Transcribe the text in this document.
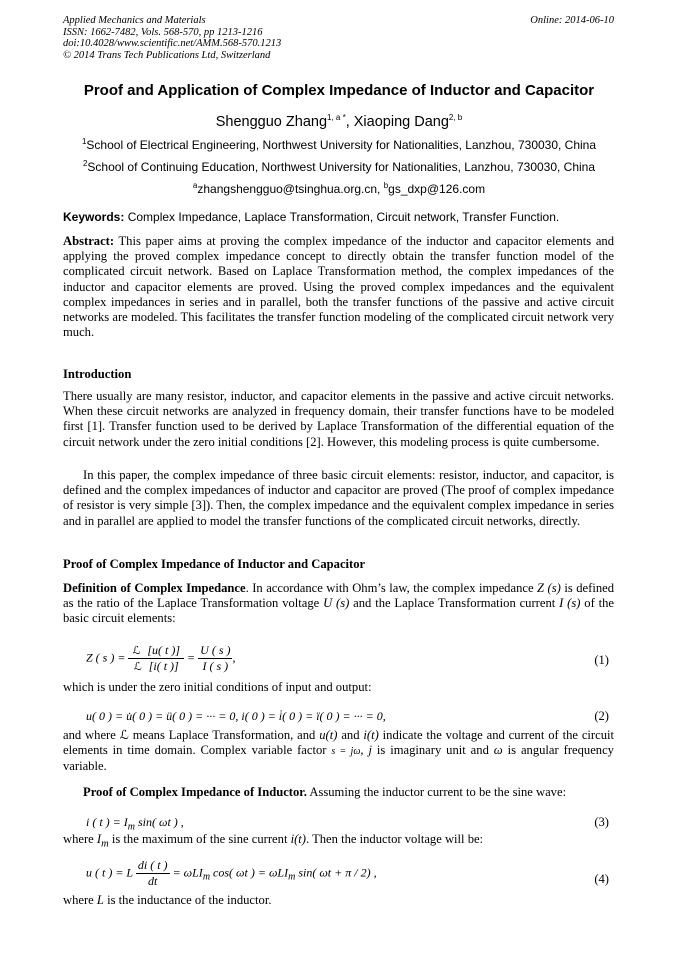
Applied Mechanics and Materials
ISSN: 1662-7482, Vols. 568-570, pp 1213-1216
doi:10.4028/www.scientific.net/AMM.568-570.1213
© 2014 Trans Tech Publications Ltd, Switzerland
Online: 2014-06-10
Proof and Application of Complex Impedance of Inductor and Capacitor
Shengguo Zhang$^{1, a *}$, Xiaoping Dang$^{2, b}$
$^1$School of Electrical Engineering, Northwest University for Nationalities, Lanzhou, 730030, China
$^2$School of Continuing Education, Northwest University for Nationalities, Lanzhou, 730030, China
$^a$zhangshengguo@tsinghua.org.cn, $^b$gs_dxp@126.com
Keywords: Complex Impedance, Laplace Transformation, Circuit network, Transfer Function.
Abstract: This paper aims at proving the complex impedance of the inductor and capacitor elements and applying the proved complex impedance concept to directly obtain the transfer function model of the complicated circuit network. Based on Laplace Transformation method, the complex impedances of the inductor and capacitor elements are proved. Using the proved complex impedances and the equivalent complex impedances in series and in parallel, both the transfer functions of the passive and active circuit networks are modeled. This facilitates the transfer function modeling of the complicated circuit network very much.
Introduction
There usually are many resistor, inductor, and capacitor elements in the passive and active circuit networks. When these circuit networks are analyzed in frequency domain, their transfer functions have to be modeled first [1]. Transfer function used to be derived by Laplace Transformation of the differential equation of the circuit network under the zero initial conditions [2]. However, this modeling process is quite cumbersome.
In this paper, the complex impedance of three basic circuit elements: resistor, inductor, and capacitor, is defined and the complex impedances of inductor and capacitor are proved (The proof of complex impedance of resistor is very simple [3]). Then, the complex impedance and the equivalent complex impedance in series and in parallel are applied to model the transfer functions of the complicated circuit networks, directly.
Proof of Complex Impedance of Inductor and Capacitor
Definition of Complex Impedance. In accordance with Ohm’s law, the complex impedance Z (s) is defined as the ratio of the Laplace Transformation voltage U (s) and the Laplace Transformation current I (s) of the basic circuit elements:
Z ( s ) = $\frac{\text{ℒ [u( t )]}}{\text{ℒ [i( t )]}} = \frac{U ( s )}{I ( s )}$ ,	(1)
which is under the zero initial conditions of input and output:
u( 0 ) = u̇( 0 ) = ü( 0 ) = ··· = 0, i( 0 ) = i̇( 0 ) = ï( 0 ) = ··· = 0,	(2)
and where ℒ means Laplace Transformation, and u(t) and i(t) indicate the voltage and current of the circuit elements in time domain. Complex variable factor s = jω, j is imaginary unit and ω is angular frequency variable.
Proof of Complex Impedance of Inductor. Assuming the inductor current to be the sine wave:
i ( t ) = $I_m$ sin( ωt ) ,	(3)
where $I_m$ is the maximum of the sine current i(t). Then the inductor voltage will be:
u ( t ) = L $\frac{di ( t )}{dt} = \omega LI_m$ cos( ωt ) = ωLI$_m$ sin( ωt + π / 2) ,	(4)
where L is the inductance of the inductor.
